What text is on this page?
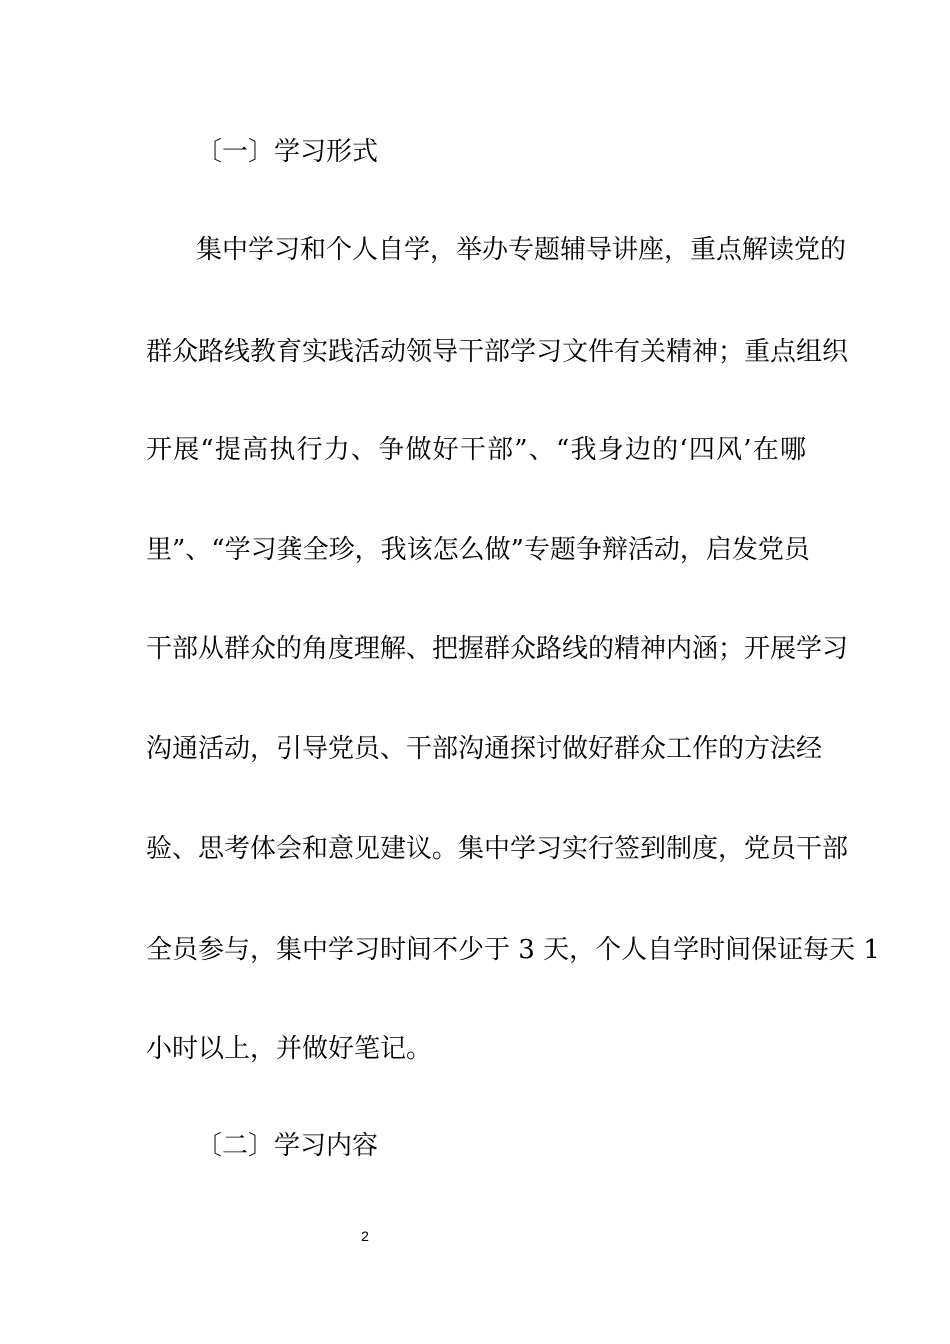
〔一〕学习形式
集中学习和个人自学，举办专题辅导讲座，重点解读党的
群众路线教育实践活动领导干部学习文件有关精神；重点组织
开展“提高执行力、争做好干部”、“我身边的‘四风’在哪
里”、“学习龚全珍，我该怎么做”专题争辩活动，启发党员
干部从群众的角度理解、把握群众路线的精神内涵；开展学习
沟通活动，引导党员、干部沟通探讨做好群众工作的方法经
验、思考体会和意见建议。集中学习实行签到制度，党员干部
全员参与，集中学习时间不少于 3 天，个人自学时间保证每天 1
小时以上，并做好笔记。
〔二〕学习内容
2
